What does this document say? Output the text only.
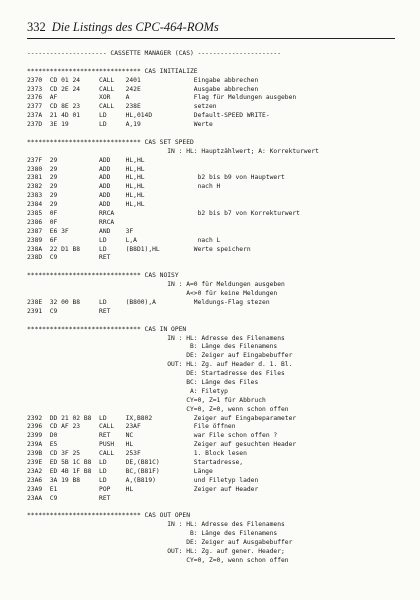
332 Die Listings des CPC-464-ROMs
--------------------- CASSETTE MANAGER (CAS) ----------------------
****************************** CAS INITIALIZE
2370  CD 01 24     CALL   2401              Eingabe abbrechen
2373  CD 2E 24     CALL   242E              Ausgabe abbrechen
2376  AF           XOR    A                 Flag für Meldungen ausgeben
2377  CD 8E 23     CALL   238E              setzen
237A  21 4D 01     LD     HL,014D           Default-SPEED WRITE-
237D  3E 19        LD     A,19              Werte
****************************** CAS SET SPEED
IN : HL: Hauptzählwert; A: Korrekturwert
237F  29           ADD    HL,HL
2380  29           ADD    HL,HL
2381  29           ADD    HL,HL              b2 bis b9 von Hauptwert
2382  29           ADD    HL,HL              nach H
2383  29           ADD    HL,HL
2384  29           ADD    HL,HL
2385  0F           RRCA                      b2 bis b7 von Korrekturwert
2386  0F           RRCA
2387  E6 3F        AND    3F
2389  6F           LD     L,A                nach L
238A  22 D1 B8     LD     (B8D1),HL         Werte speichern
238D  C9           RET
****************************** CAS NOISY
IN : A=0 für Meldungen ausgeben
A<>0 für keine Meldungen
238E  32 00 B8     LD     (B800),A          Meldungs-Flag stezen
2391  C9           RET
****************************** CAS IN OPEN
IN : HL: Adresse des Filenamens
B: Länge des Filenamens
DE: Zeiger auf Eingabebuffer
OUT: HL: Zg. auf Header d. 1. Bl.
DE: Startadresse des Files
BC: Länge des Files
A: Filetyp
CY=0, Z=1 für Abbruch
CY=0, Z=0, wenn schon offen
2392  DD 21 02 B8  LD     IX,B802           Zeiger auf Eingabeparameter
2396  CD AF 23     CALL   23AF              File öffnen
2399  D0           RET    NC                war File schon offen ?
239A  E5           PUSH   HL                Zeiger auf gesuchten Header
239B  CD 3F 25     CALL   253F              1. Block lesen
239E  ED 5B 1C B8  LD     DE,(B81C)         Startadresse,
23A2  ED 4B 1F B8  LD     BC,(B81F)         Länge
23A6  3A 19 B8     LD     A,(B819)          und Filetyp laden
23A9  E1           POP    HL                Zeiger auf Header
23AA  C9           RET
****************************** CAS OUT OPEN
IN : HL: Adresse des Filenamens
B: Länge des Filenamens
DE: Zeiger auf Ausgabebuffer
OUT: HL: Zg. auf gener. Header;
CY=0, Z=0, wenn schon offen
